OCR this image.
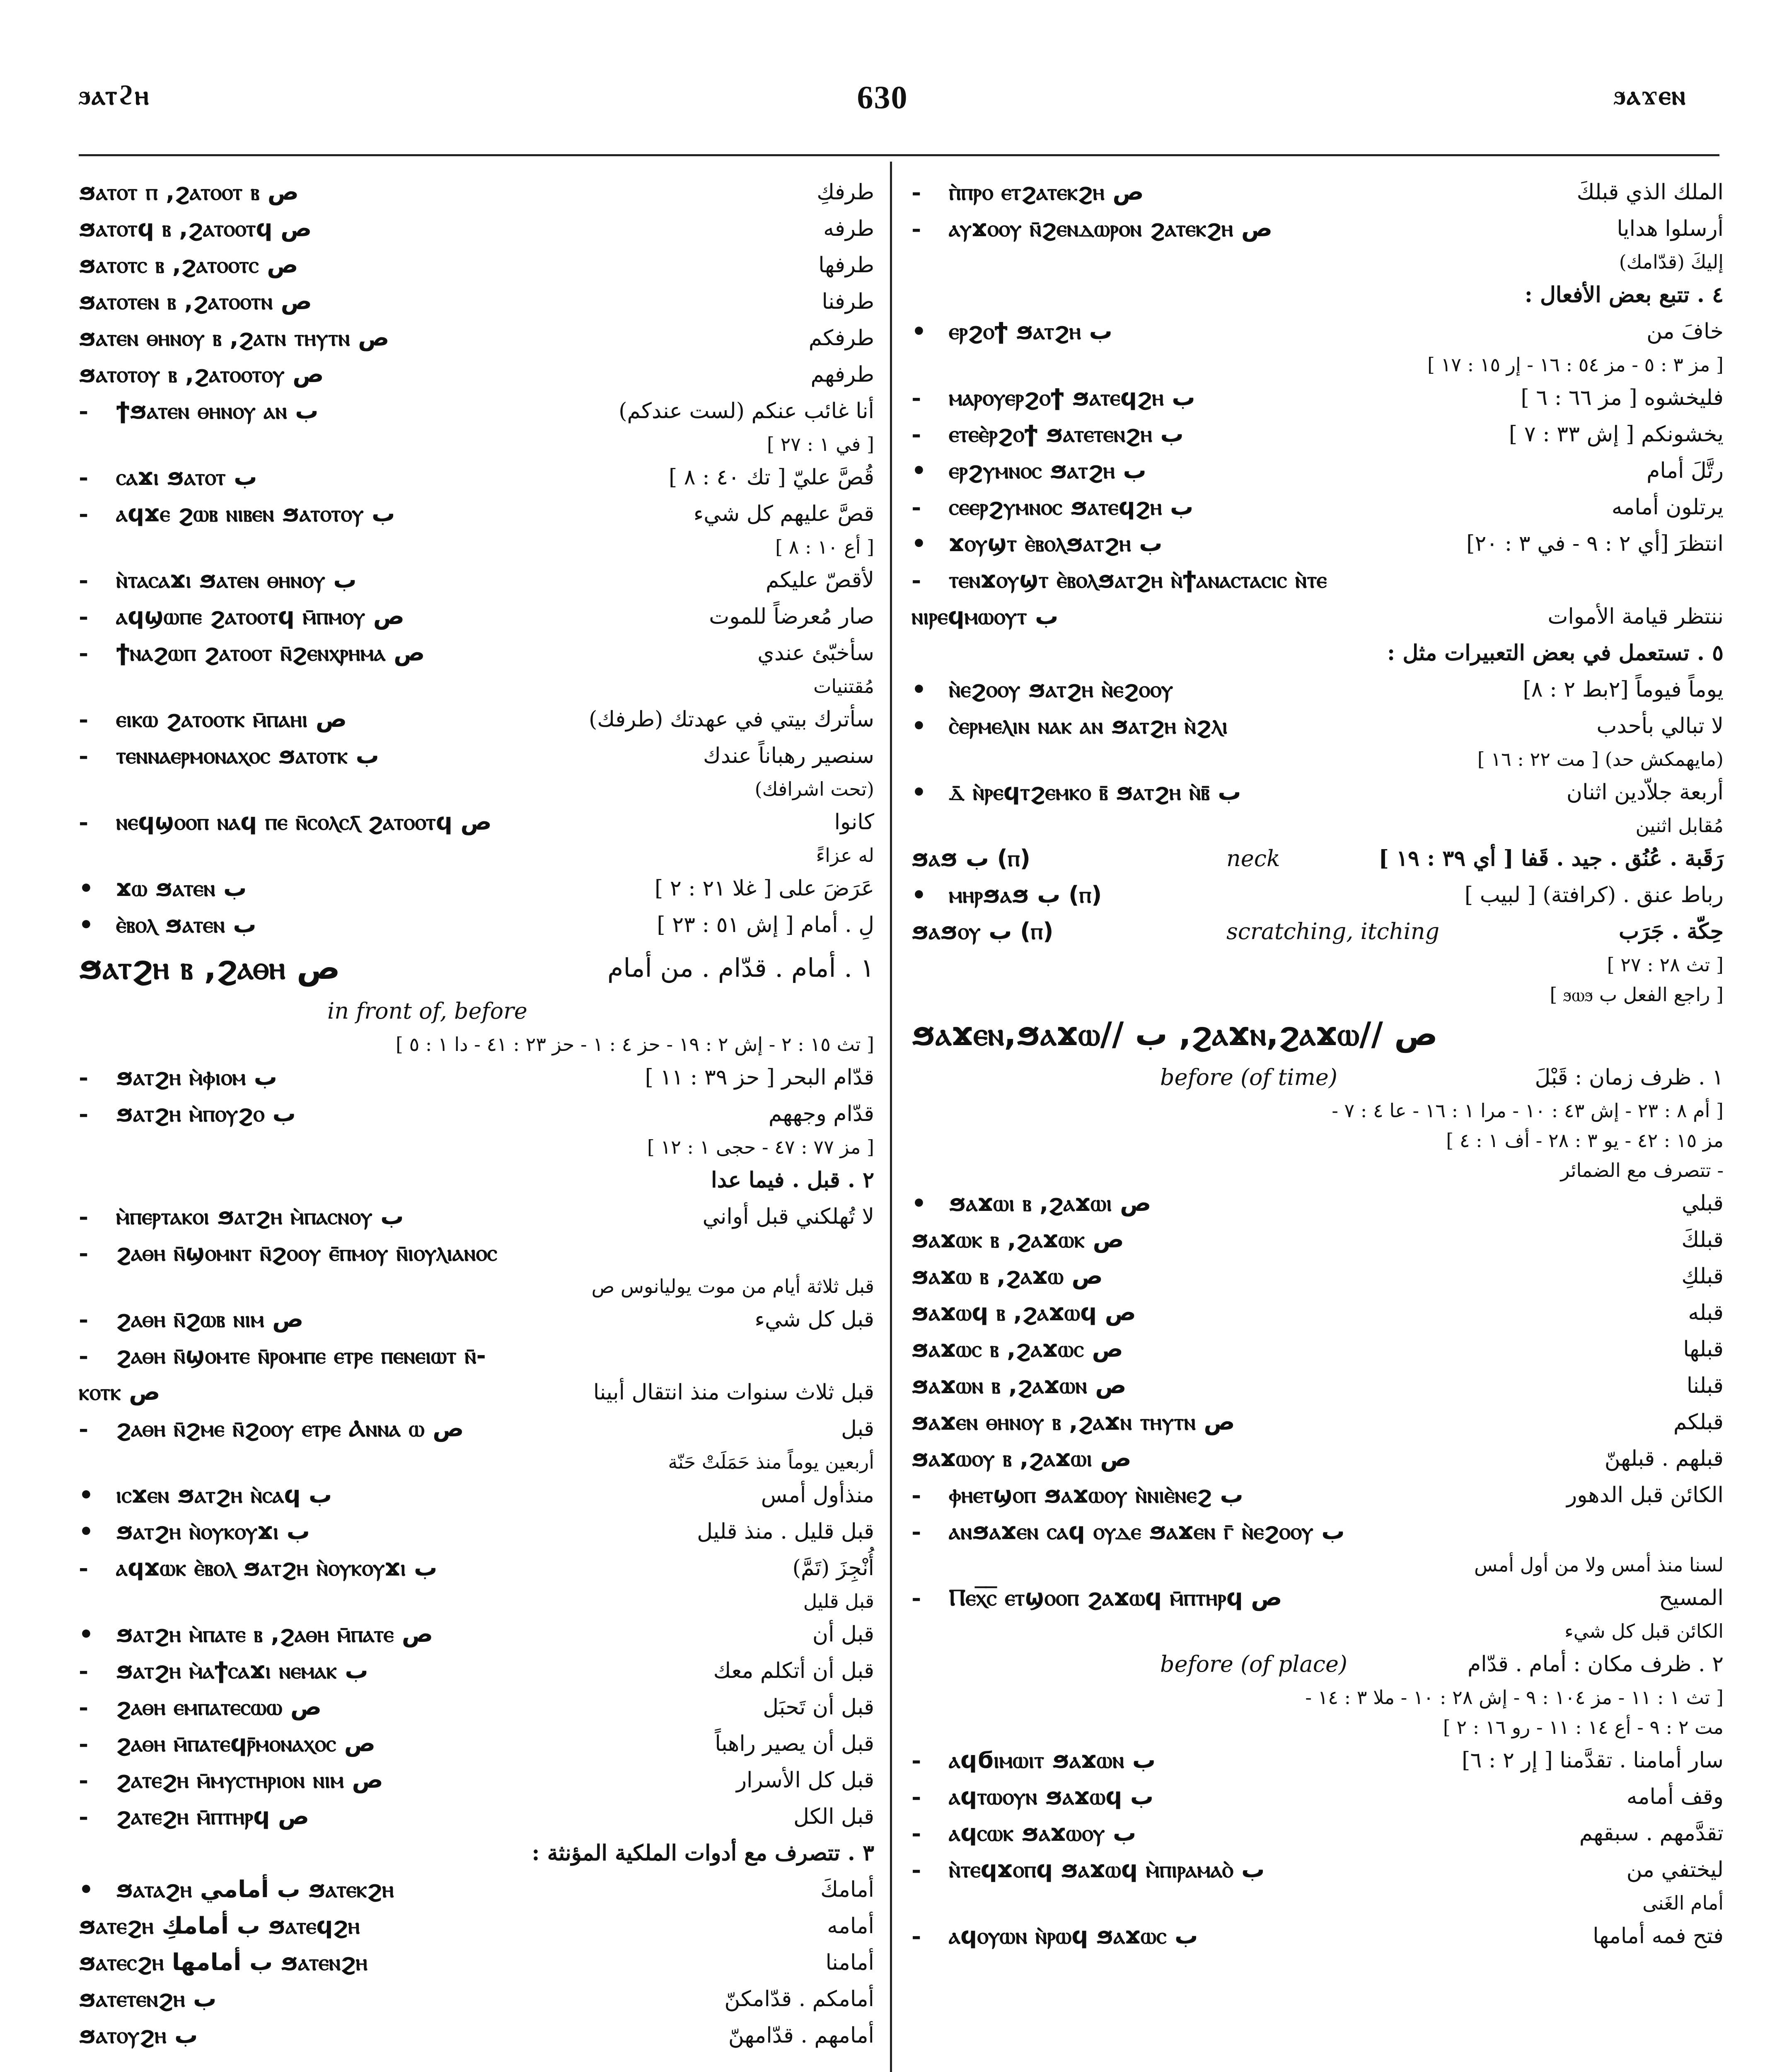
ϧⲁⲧϩⲏ	630	ϧⲁϫⲉⲛ
ϧⲁⲧⲟⲧ ⲡ ,ϩⲁⲧⲟⲟⲧ ⲃ ص	طرفكِ
ϧⲁⲧⲟⲧϥ ⲃ ,ϩⲁⲧⲟⲟⲧϥ ص	طرفه
ϧⲁⲧⲟⲧⲥ ⲃ ,ϩⲁⲧⲟⲟⲧⲥ ص	طرفها
ϧⲁⲧⲟⲧⲉⲛ ⲃ ,ϩⲁⲧⲟⲟⲧⲛ ص	طرفنا
ϧⲁⲧⲉⲛ ⲑⲏⲛⲟⲩ ⲃ ,ϩⲁⲧⲛ ⲧⲏⲩⲧⲛ ص	طرفكم
ϧⲁⲧⲟⲧⲟⲩ ⲃ ,ϩⲁⲧⲟⲟⲧⲟⲩ ص	طرفهم
- ϯϧⲁⲧⲉⲛ ⲑⲏⲛⲟⲩ ⲁⲛ ب	أنا غائب عنكم (لست عندكم)
[ في ١ : ٢٧ ]
- ⲥⲁϫⲓ ϧⲁⲧⲟⲧ ب	قُصَّ عليّ [ تك ٤٠ : ٨ ]
- ⲁϥϫⲉ ϩⲱⲃ ⲛⲓⲃⲉⲛ ϧⲁⲧⲟⲧⲟⲩ ب	قصَّ عليهم كل شيء
[ أع ١٠ : ٨ ]
- ⲛ̀ⲧⲁⲥⲁϫⲓ ϧⲁⲧⲉⲛ ⲑⲏⲛⲟⲩ ب	لأقصّ عليكم
- ⲁϥϣⲱⲡⲉ ϩⲁⲧⲟⲟⲧϥ ⲙ̄ⲡⲙⲟⲩ ص	صار مُعرضاً للموت
- ϯⲛⲁϩⲱⲡ ϩⲁⲧⲟⲟⲧ ⲛ̄ϩⲉⲛⲭⲣⲏⲙⲁ ص	سأخبّئ عندي
مُقتنيات
- ⲉⲓⲕⲱ ϩⲁⲧⲟⲟⲧⲕ ⲙ̄ⲡⲁⲏⲓ ص	سأترك بيتي في عهدتك (طرفك)
- ⲧⲉⲛⲛⲁⲉⲣⲙⲟⲛⲁⲭⲟⲥ ϧⲁⲧⲟⲧⲕ ب	سنصير رهباناً عندك
(تحت اشرافك)
- ⲛⲉϥϣⲟⲟⲡ ⲛⲁϥ ⲡⲉ ⲛ̄ⲥⲟⲗⲥⲗ̄ ϩⲁⲧⲟⲟⲧϥ ص	كانوا
له عزاءً
• ϫⲱ ϧⲁⲧⲉⲛ ب	عَرَضَ على [ غلا ٢١ : ٢ ]
• ⲉ̀ⲃⲟⲗ ϧⲁⲧⲉⲛ ب	لِ . أمام [ إش ٥١ : ٢٣ ]
ϧⲁⲧϩⲏ ⲃ ,ϩⲁⲑⲏ ص	١ . أمام . قدّام . من أمام
in front of, before
[ تث ١٥ : ٢ - إش ٢ : ١٩ - حز ٤ : ١ - حز ٢٣ : ٤١ - دا ١ : ٥ ]
- ϧⲁⲧϩⲏ ⲙ̀ⲫⲓⲟⲙ ب	قدّام البحر [ حز ٣٩ : ١١ ]
- ϧⲁⲧϩⲏ ⲙ̀ⲡⲟⲩϩⲟ ب	قدّام وجههم
[ مز ٧٧ : ٤٧ - حجى ١ : ١٢ ]
٢ . قبل . فيما عدا
- ⲙ̀ⲡⲉⲣⲧⲁⲕⲟⲓ ϧⲁⲧϩⲏ ⲙ̀ⲡⲁⲥⲛⲟⲩ ب	لا تُهلكني قبل أواني
- ϩⲁⲑⲏ ⲛ̄ϣⲟⲙⲛⲧ ⲛ̄ϩⲟⲟⲩ ⲉ̄ⲡⲙⲟⲩ ⲛ̄ⲓⲟⲩⲗⲓⲁⲛⲟⲥ
قبل ثلاثة أيام من موت يوليانوس ص
- ϩⲁⲑⲏ ⲛ̄ϩⲱⲃ ⲛⲓⲙ ص	قبل كل شيء
- ϩⲁⲑⲏ ⲛ̄ϣⲟⲙⲧⲉ ⲛ̄ⲣⲟⲙⲡⲉ ⲉⲧⲣⲉ ⲡⲉⲛⲉⲓⲱⲧ ⲛ̄-
ⲕⲟⲧⲕ ص	قبل ثلاث سنوات منذ انتقال أبينا
- ϩⲁⲑⲏ ⲛ̄ϩⲙⲉ ⲛ̄ϩⲟⲟⲩ ⲉⲧⲣⲉ Ⲁⲛⲛⲁ ⲱ ص	قبل
أربعين يوماً منذ حَمَلَتْ حَنّة
• ⲓⲥϫⲉⲛ ϧⲁⲧϩⲏ ⲛ̀ⲥⲁϥ ب	منذأول أمس
• ϧⲁⲧϩⲏ ⲛ̀ⲟⲩⲕⲟⲩϫⲓ ب	قبل قليل . منذ قليل
- ⲁϥϫⲱⲕ ⲉ̀ⲃⲟⲗ ϧⲁⲧϩⲏ ⲛ̀ⲟⲩⲕⲟⲩϫⲓ ب	أُنْجِزَ (تَمَّ)
قبل قليل
• ϧⲁⲧϩⲏ ⲙ̀ⲡⲁⲧⲉ ⲃ ,ϩⲁⲑⲏ ⲙ̄ⲡⲁⲧⲉ ص	قبل أن
- ϧⲁⲧϩⲏ ⲙ̀ⲁϯⲥⲁϫⲓ ⲛⲉⲙⲁⲕ ب	قبل أن أتكلم معك
- ϩⲁⲑⲏ ⲉⲙⲡⲁⲧⲉⲥⲱⲱ ص	قبل أن تَحبَل
- ϩⲁⲑⲏ ⲙ̄ⲡⲁⲧⲉϥⲣ̄ⲙⲟⲛⲁⲭⲟⲥ ص	قبل أن يصير راهباً
- ϩⲁⲧⲉϩⲏ ⲙ̄ⲙⲩⲥⲧⲏⲣⲓⲟⲛ ⲛⲓⲙ ص	قبل كل الأسرار
- ϩⲁⲧⲉϩⲏ ⲙ̄ⲡⲧⲏⲣϥ ص	قبل الكل
٣ . تتصرف مع أدوات الملكية المؤنثة :
• ϧⲁⲧⲁϩⲏ ب أمامي ϧⲁⲧⲉⲕϩⲏ	أمامكَ
ϧⲁⲧⲉϩⲏ ب أمامكِ ϧⲁⲧⲉϥϩⲏ	أمامه
ϧⲁⲧⲉⲥϩⲏ ب أمامها ϧⲁⲧⲉⲛϩⲏ	أمامنا
ϧⲁⲧⲉⲧⲉⲛϩⲏ ب	أمامكم . قدّامكنّ
ϧⲁⲧⲟⲩϩⲏ ب	أمامهم . قدّامهنّ
- ⲡ̀ⲡⲣⲟ ⲉⲧϩⲁⲧⲉⲕϩⲏ ص	الملك الذي قبلكَ
- ⲁⲩϫⲟⲟⲩ ⲛ̄ϩⲉⲛⲇⲱⲣⲟⲛ ϩⲁⲧⲉⲕϩⲏ ص	أرسلوا هدايا
إليكَ (قدّامك)
٤ . تتبع بعض الأفعال :
• ⲉⲣϩⲟϯ ϧⲁⲧϩⲏ ب	خافَ من
[ مز ٣ : ٥ - مز ٥٤ : ١٦ - إر ١٥ : ١٧ ]
- ⲙⲁⲣⲟⲩⲉⲣϩⲟϯ ϧⲁⲧⲉϥϩⲏ ب	فليخشوه [ مز ٦٦ : ٦ ]
- ⲉⲧⲉⲉ̀ⲣϩⲟϯ ϧⲁⲧⲉⲧⲉⲛϩⲏ ب	يخشونكم [ إش ٣٣ : ٧ ]
• ⲉⲣϩⲩⲙⲛⲟⲥ ϧⲁⲧϩⲏ ب	رتَّلَ أمام
- ⲥⲉⲉⲣϩⲩⲙⲛⲟⲥ ϧⲁⲧⲉϥϩⲏ ب	يرتلون أمامه
• ϫⲟⲩϣⲧ ⲉ̀ⲃⲟⲗϧⲁⲧϩⲏ ب	انتظرَ [أي ٢ : ٩ - في ٣ : ٢٠]
- ⲧⲉⲛϫⲟⲩϣⲧ ⲉ̀ⲃⲟⲗϧⲁⲧϩⲏ ⲛ̀ϯⲁⲛⲁⲥⲧⲁⲥⲓⲥ ⲛ̀ⲧⲉ
ⲛⲓⲣⲉϥⲙⲱⲟⲩⲧ ب	ننتظر قيامة الأموات
٥ . تستعمل في بعض التعبيرات مثل :
• ⲛ̀ⲉϩⲟⲟⲩ ϧⲁⲧϩⲏ ⲛ̀ⲉϩⲟⲟⲩ	يوماً فيوماً [٢بط ٢ : ٨]
• ⲥ̀ⲉⲣⲙⲉⲗⲓⲛ ⲛⲁⲕ ⲁⲛ ϧⲁⲧϩⲏ ⲛ̀ϩⲗⲓ	لا تبالي بأحدب
(مايهمكش حد) [ مت ٢٢ : ١٦ ]
• ⲇ̄ ⲛ̀ⲣⲉϥⲧϩⲉⲙⲕⲟ ⲃ̄ ϧⲁⲧϩⲏ ⲛ̀ⲃ̄ ب	أربعة جلاّدين اثنان
مُقابل اثنين
ϧⲁϧ ب (ⲡ)	neck	رَقَبة . عُنُق . جيد . قَفا [ أي ٣٩ : ١٩ ]
• ⲙⲏⲣϧⲁϧ ب (ⲡ)	رباط عنق . (كرافتة) [ لبيب ]
ϧⲁϧⲟⲩ ب (ⲡ)	scratching, itching	حِكّة . جَرَب
[ تث ٢٨ : ٢٧ ]
[ راجع الفعل ب ϧⲱϧ ]
ϧⲁϫⲉⲛ,ϧⲁϫⲱ// ب ,ϩⲁϫⲛ,ϩⲁϫⲱ// ص
before (of time)	١ . ظرف زمان : قَبْلَ
[ أم ٨ : ٢٣ - إش ٤٣ : ١٠ - مرا ١ : ١٦ - عا ٤ : ٧ -
مز ١٥ : ٤٢ - يو ٣ : ٢٨ - أف ١ : ٤ ]
- تتصرف مع الضمائر
• ϧⲁϫⲱⲓ ⲃ ,ϩⲁϫⲱⲓ ص	قبلي
ϧⲁϫⲱⲕ ⲃ ,ϩⲁϫⲱⲕ ص	قبلكَ
ϧⲁϫⲱ ⲃ ,ϩⲁϫⲱ ص	قبلكِ
ϧⲁϫⲱϥ ⲃ ,ϩⲁϫⲱϥ ص	قبله
ϧⲁϫⲱⲥ ⲃ ,ϩⲁϫⲱⲥ ص	قبلها
ϧⲁϫⲱⲛ ⲃ ,ϩⲁϫⲱⲛ ص	قبلنا
ϧⲁϫⲉⲛ ⲑⲏⲛⲟⲩ ⲃ ,ϩⲁϫⲛ ⲧⲏⲩⲧⲛ ص	قبلكم
ϧⲁϫⲱⲟⲩ ⲃ ,ϩⲁϫⲱⲓ ص	قبلهم . قبلهنّ
- ⲫⲏⲉⲧϣⲟⲡ ϧⲁϫⲱⲟⲩ ⲛ̀ⲛⲓⲉ̀ⲛⲉϩ ب	الكائن قبل الدهور
- ⲁⲛϧⲁϫⲉⲛ ⲥⲁϥ ⲟⲩⲇⲉ ϧⲁϫⲉⲛ ⲅ̄ ⲛ̀ⲉϩⲟⲟⲩ ب
لسنا منذ أمس ولا من أول أمس
- Ⲡⲉⲭ̅ⲥ̅ ⲉⲧϣⲟⲟⲡ ϩⲁϫⲱϥ ⲙ̄ⲡⲧⲏⲣϥ ص	المسيح
الكائن قبل كل شيء
before (of place)	٢ . ظرف مكان : أمام . قدّام
[ تث ١ : ١١ - مز ١٠٤ : ٩ - إش ٢٨ : ١٠ - ملا ٣ : ١٤ -
مت ٢ : ٩ - أع ١٤ : ١١ - رو ١٦ : ٢ ]
- ⲁϥϭⲓⲙⲱⲓⲧ ϧⲁϫⲱⲛ ب	سار أمامنا . تقدَّمنا [ إر ٢ : ٦]
- ⲁϥⲧⲱⲟⲩⲛ ϧⲁϫⲱϥ ب	وقف أمامه
- ⲁϥⲥⲱⲕ ϧⲁϫⲱⲟⲩ ب	تقدَّمهم . سبقهم
- ⲛ̀ⲧⲉϥϫⲟⲡϥ ϧⲁϫⲱϥ ⲙ̀ⲡⲓⲣⲁⲙⲁⲟ̀ ب	ليختفي من
أمام الغَنى
- ⲁϥⲟⲩⲱⲛ ⲛ̀ⲣⲱϥ ϧⲁϫⲱⲥ ب	فتح فمه أمامها
